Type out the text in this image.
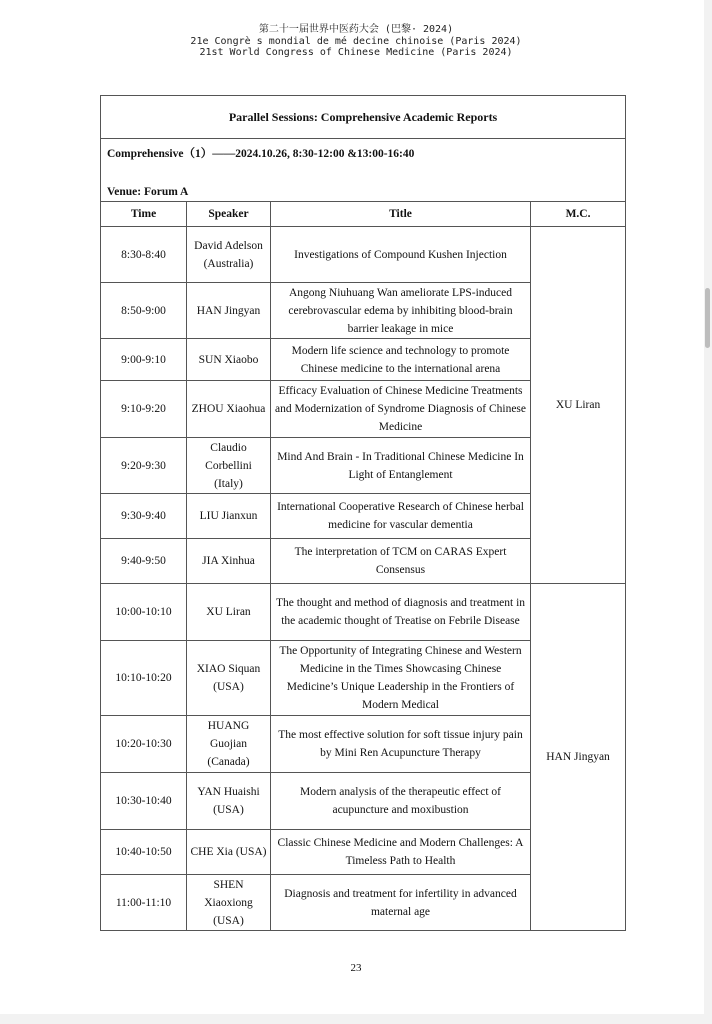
第二十一届世界中医药大会 (巴黎· 2024)
21e Congrè s mondial de mé decine chinoise (Paris 2024)
21st World Congress of Chinese Medicine (Paris 2024)
Parallel Sessions: Comprehensive Academic Reports			
Comprehensive（1）——2024.10.26, 8:30-12:00 &13:00-16:40			
Venue: Forum A			
Time	Speaker	Title	M.C.
8:30-8:40	David Adelson (Australia)	Investigations of Compound Kushen Injection	XU Liran
8:50-9:00	HAN Jingyan	Angong Niuhuang Wan ameliorate LPS-induced cerebrovascular edema by inhibiting blood-brain barrier leakage in mice	
9:00-9:10	SUN Xiaobo	Modern life science and technology to promote Chinese medicine to the international arena	
9:10-9:20	ZHOU Xiaohua	Efficacy Evaluation of Chinese Medicine Treatments and Modernization of Syndrome Diagnosis of Chinese Medicine	
9:20-9:30	Claudio Corbellini (Italy)	Mind And Brain - In Traditional Chinese Medicine In Light of Entanglement	
9:30-9:40	LIU Jianxun	International Cooperative Research of Chinese herbal medicine for vascular dementia	
9:40-9:50	JIA Xinhua	The interpretation of TCM on CARAS Expert Consensus	
10:00-10:10	XU Liran	The thought and method of diagnosis and treatment in the academic thought of Treatise on Febrile Disease	HAN Jingyan
10:10-10:20	XIAO Siquan (USA)	The Opportunity of Integrating Chinese and Western Medicine in the Times Showcasing Chinese Medicine’s Unique Leadership in the Frontiers of Modern Medical	
10:20-10:30	HUANG Guojian (Canada)	The most effective solution for soft tissue injury pain by Mini Ren Acupuncture Therapy	
10:30-10:40	YAN Huaishi (USA)	Modern analysis of the therapeutic effect of acupuncture and moxibustion	
10:40-10:50	CHE Xia (USA)	Classic Chinese Medicine and Modern Challenges: A Timeless Path to Health	
11:00-11:10	SHEN Xiaoxiong (USA)	Diagnosis and treatment for infertility in advanced maternal age	
23
